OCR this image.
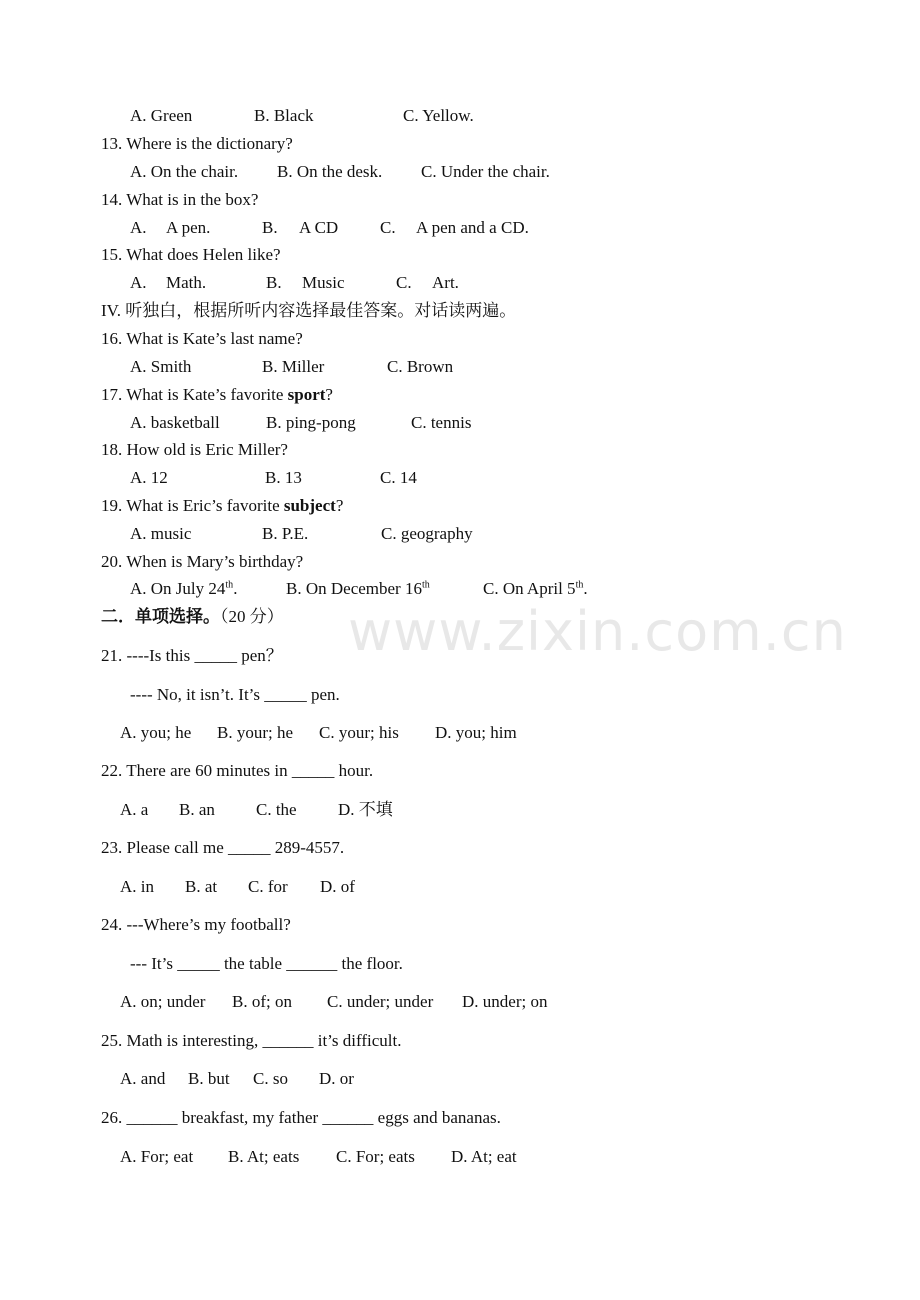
www.zixin.com.cn
A. Green	B. Black	C. Yellow.
13. Where is the dictionary?
A. On the chair. B. On the desk. C. Under the chair.
14. What is in the box?
A. A pen.	B. A CD C. A pen and a CD.
15. What does Helen like?
A. Math.	B. Music	C. Art.
IV. 听独白，根据所听内容选择最佳答案。对话读两遍。
16. What is Kate’s last name?
A. Smith	B. Miller	C. Brown
17. What is Kate’s favorite sport?
A. basketball	B. ping-pong	C. tennis
18. How old is Eric Miller?
A. 12	B. 13	C. 14
19. What is Eric’s favorite subject?
A. music	B. P.E.	C. geography
20. When is Mary’s birthday?
A. On July 24th.	B. On December 16th	C. On April 5th.
二．单项选择。（20 分）
21. ----Is this _____ pen？
---- No, it isn’t. It’s _____ pen.
A. you; he B. your; he C. your; his D. you; him
22. There are 60 minutes in _____ hour.
A. a B. an C. the D. 不填
23. Please call me _____ 289-4557.
A. in B. at C. for D. of
24. ---Where’s my football?
--- It’s _____ the table ______ the floor.
A. on; under B. of; on C. under; under D. under; on
25. Math is interesting, ______ it’s difficult.
A. and B. but C. so D. or
26. ______ breakfast, my father ______ eggs and bananas.
A. For; eat B. At; eats C. For; eats D. At; eat
